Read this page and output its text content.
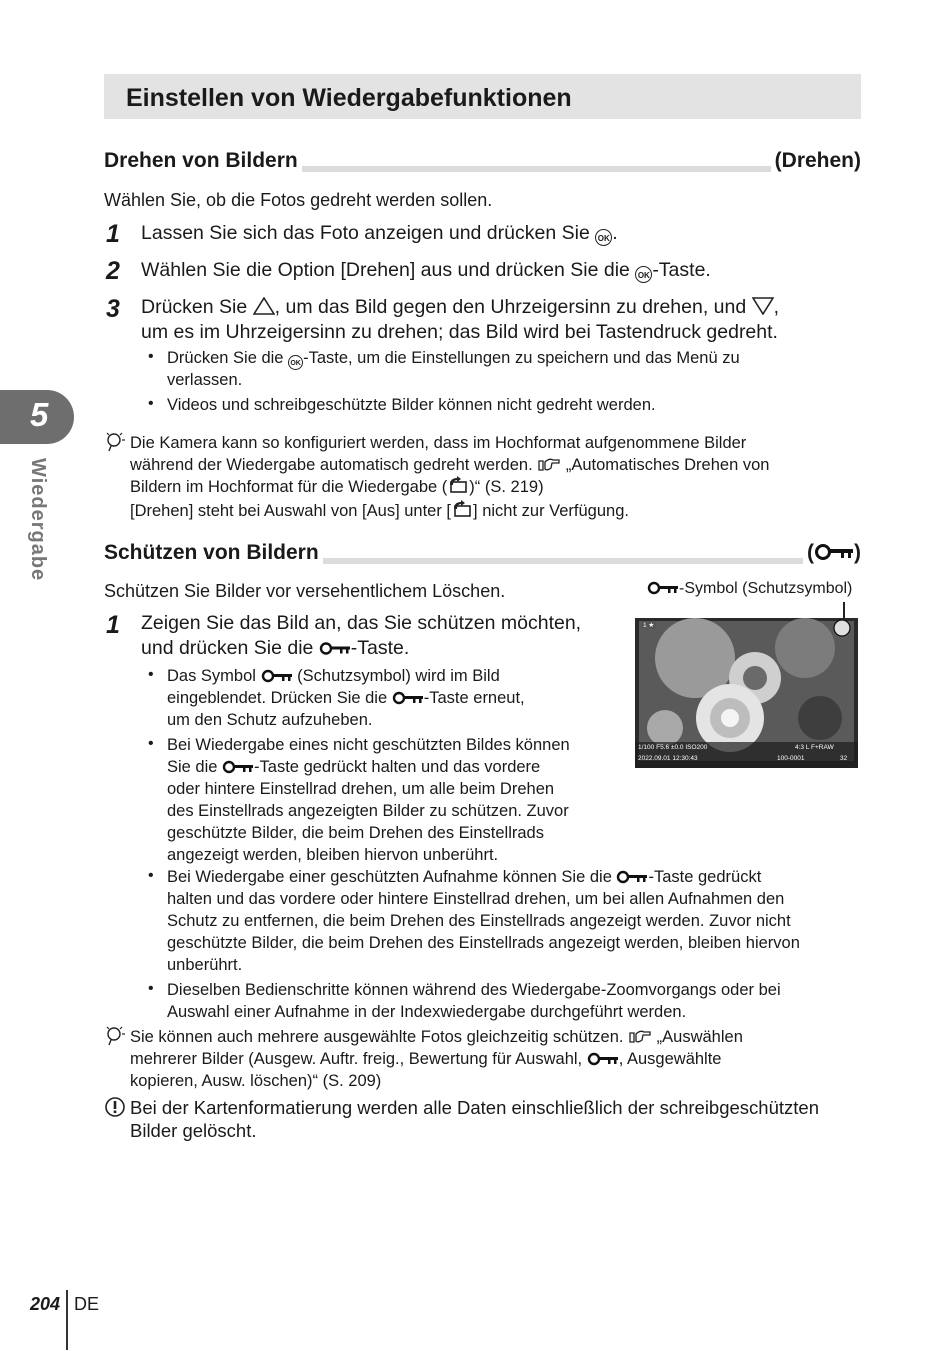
Einstellen von Wiedergabefunktionen
Drehen von Bildern	(Drehen)
Wählen Sie, ob die Fotos gedreht werden sollen.
1 Lassen Sie sich das Foto anzeigen und drücken Sie OK .
2 Wählen Sie die Option [Drehen] aus und drücken Sie die OK -Taste.
3 Drücken Sie , um das Bild gegen den Uhrzeigersinn zu drehen, und ,
um es im Uhrzeigersinn zu drehen; das Bild wird bei Tastendruck gedreht.
• Drücken Sie die OK -Taste, um die Einstellungen zu speichern und das Menü zu
verlassen.
• Videos und schreibgeschützte Bilder können nicht gedreht werden.
Die Kamera kann so konfiguriert werden, dass im Hochformat aufgenommene Bilder
während der Wiedergabe automatisch gedreht werden. „Automatisches Drehen von
Bildern im Hochformat für die Wiedergabe ( )“ (S. 219)
[Drehen] steht bei Auswahl von [Aus] unter [ ] nicht zur Verfügung.
Schützen von Bildern	( )
Schützen Sie Bilder vor versehentlichem Löschen.	-Symbol (Schutzsymbol)
1 Zeigen Sie das Bild an, das Sie schützen möchten,
und drücken Sie die -Taste.
• Das Symbol (Schutzsymbol) wird im Bild
eingeblendet. Drücken Sie die -Taste erneut,
um den Schutz aufzuheben.
• Bei Wiedergabe eines nicht geschützten Bildes können
Sie die -Taste gedrückt halten und das vordere
oder hintere Einstellrad drehen, um alle beim Drehen
des Einstellrads angezeigten Bilder zu schützen. Zuvor
geschützte Bilder, die beim Drehen des Einstellrads
angezeigt werden, bleiben hiervon unberührt.
1 ★
1/100 F5.6 ±0.0 ISO200	4:3 L F+RAW
2022.09.01 12:30:43	100-0001	32
• Bei Wiedergabe einer geschützten Aufnahme können Sie die -Taste gedrückt
halten und das vordere oder hintere Einstellrad drehen, um bei allen Aufnahmen den
Schutz zu entfernen, die beim Drehen des Einstellrads angezeigt werden. Zuvor nicht
geschützte Bilder, die beim Drehen des Einstellrads angezeigt werden, bleiben hiervon
unberührt.
• Dieselben Bedienschritte können während des Wiedergabe-Zoomvorgangs oder bei
Auswahl einer Aufnahme in der Indexwiedergabe durchgeführt werden.
Sie können auch mehrere ausgewählte Fotos gleichzeitig schützen. „Auswählen
mehrerer Bilder (Ausgew. Auftr. freig., Bewertung für Auswahl, , Ausgewählte
kopieren, Ausw. löschen)“ (S. 209)
Bei der Kartenformatierung werden alle Daten einschließlich der schreibgeschützten
Bilder gelöscht.
5
Wiedergabe
204 DE
